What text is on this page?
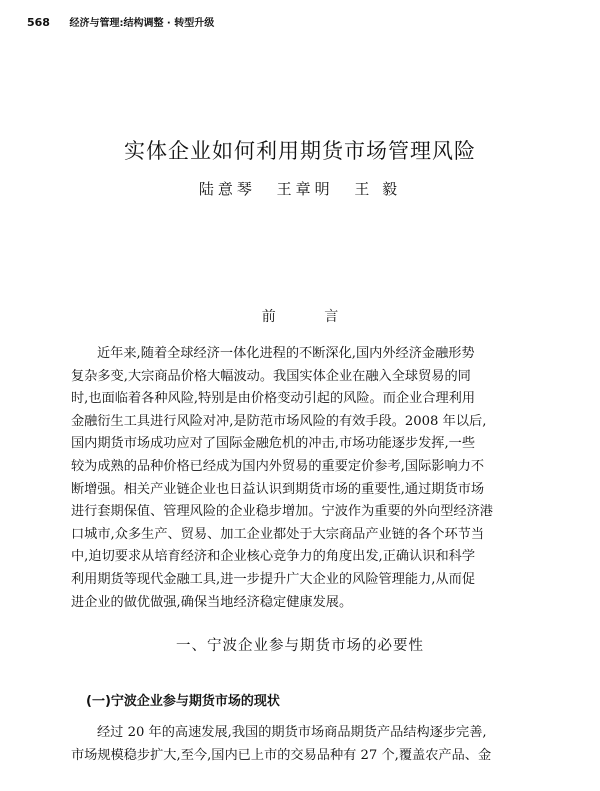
568 经济与管理:结构调整 · 转型升级
实体企业如何利用期货市场管理风险
陆意琴 王章明 王 毅
前 言
近年来,随着全球经济一体化进程的不断深化,国内外经济金融形势
复杂多变,大宗商品价格大幅波动。我国实体企业在融入全球贸易的同
时,也面临着各种风险,特别是由价格变动引起的风险。而企业合理利用
金融衍生工具进行风险对冲,是防范市场风险的有效手段。2008 年以后,
国内期货市场成功应对了国际金融危机的冲击,市场功能逐步发挥,一些
较为成熟的品种价格已经成为国内外贸易的重要定价参考,国际影响力不
断增强。相关产业链企业也日益认识到期货市场的重要性,通过期货市场
进行套期保值、管理风险的企业稳步增加。宁波作为重要的外向型经济港
口城市,众多生产、贸易、加工企业都处于大宗商品产业链的各个环节当
中,迫切要求从培育经济和企业核心竞争力的角度出发,正确认识和科学
利用期货等现代金融工具,进一步提升广大企业的风险管理能力,从而促
进企业的做优做强,确保当地经济稳定健康发展。
一、宁波企业参与期货市场的必要性
(一)宁波企业参与期货市场的现状
经过 20 年的高速发展,我国的期货市场商品期货产品结构逐步完善,
市场规模稳步扩大,至今,国内已上市的交易品种有 27 个,覆盖农产品、金
